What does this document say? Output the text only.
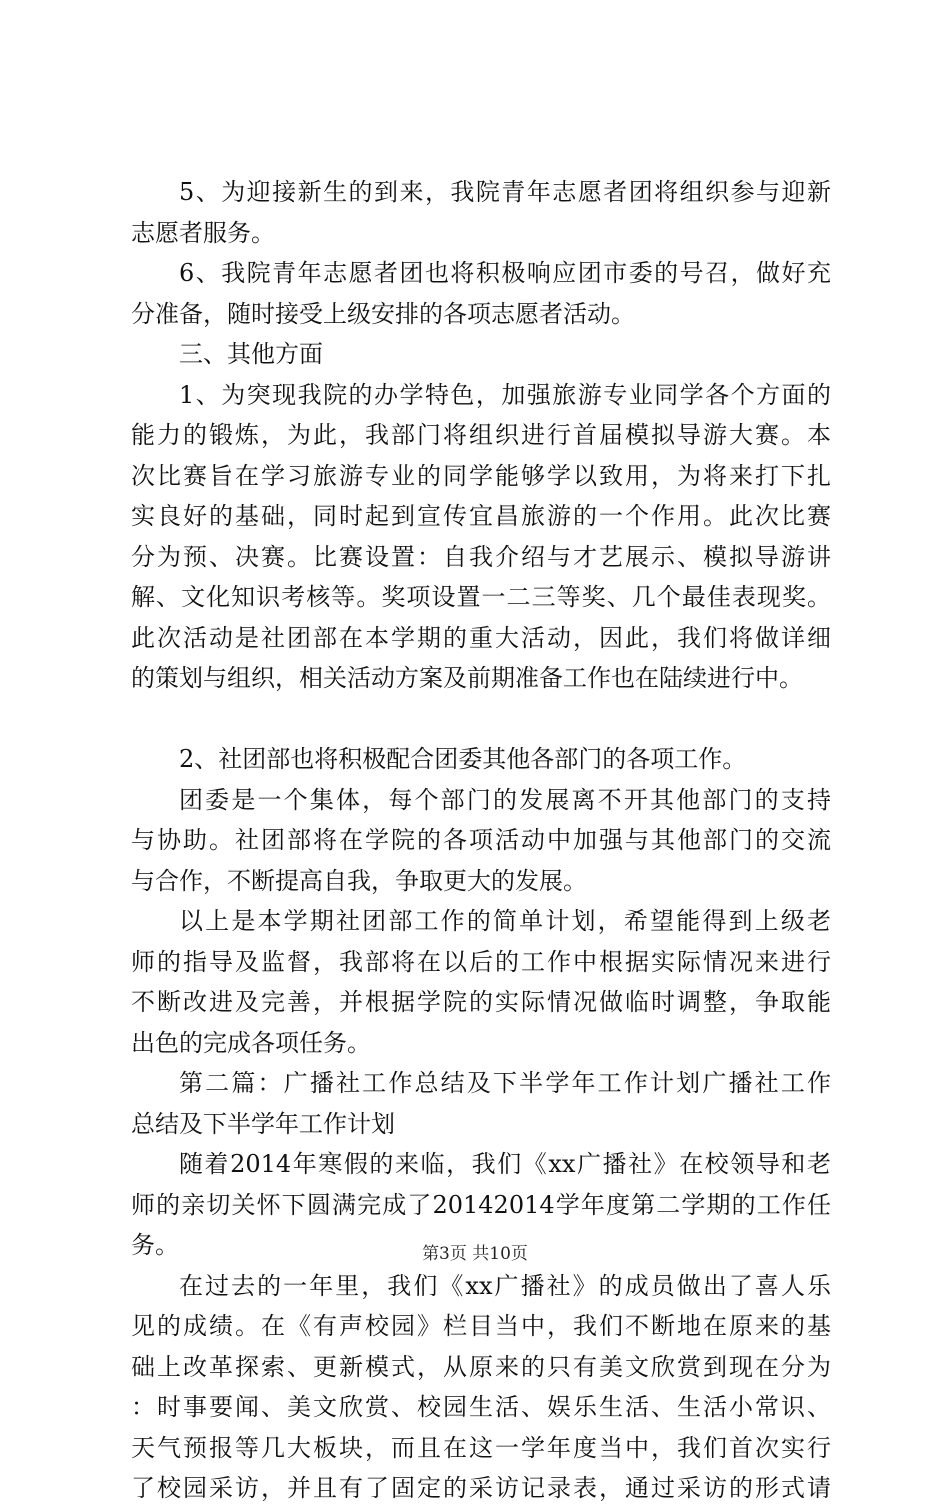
5、为迎接新生的到来，我院青年志愿者团将组织参与迎新
志愿者服务。
6、我院青年志愿者团也将积极响应团市委的号召，做好充
分准备，随时接受上级安排的各项志愿者活动。
三、其他方面
1、为突现我院的办学特色，加强旅游专业同学各个方面的
能力的锻炼，为此，我部门将组织进行首届模拟导游大赛。本
次比赛旨在学习旅游专业的同学能够学以致用，为将来打下扎
实良好的基础，同时起到宣传宜昌旅游的一个作用。此次比赛
分为预、决赛。比赛设置：自我介绍与才艺展示、模拟导游讲
解、文化知识考核等。奖项设置一二三等奖、几个最佳表现奖。
此次活动是社团部在本学期的重大活动，因此，我们将做详细
的策划与组织，相关活动方案及前期准备工作也在陆续进行中。
2、社团部也将积极配合团委其他各部门的各项工作。
团委是一个集体，每个部门的发展离不开其他部门的支持
与协助。社团部将在学院的各项活动中加强与其他部门的交流
与合作，不断提高自我，争取更大的发展。
以上是本学期社团部工作的简单计划，希望能得到上级老
师的指导及监督，我部将在以后的工作中根据实际情况来进行
不断改进及完善，并根据学院的实际情况做临时调整，争取能
出色的完成各项任务。
第二篇：广播社工作总结及下半学年工作计划广播社工作
总结及下半学年工作计划
随着2014年寒假的来临，我们《xx广播社》在校领导和老
师的亲切关怀下圆满完成了20142014学年度第二学期的工作任
务。
在过去的一年里，我们《xx广播社》的成员做出了喜人乐
见的成绩。在《有声校园》栏目当中，我们不断地在原来的基
础上改革探索、更新模式，从原来的只有美文欣赏到现在分为
：时事要闻、美文欣赏、校园生活、娱乐生活、生活小常识、
天气预报等几大板块，而且在这一学年度当中，我们首次实行
了校园采访，并且有了固定的采访记录表，通过采访的形式请
第3页 共10页
